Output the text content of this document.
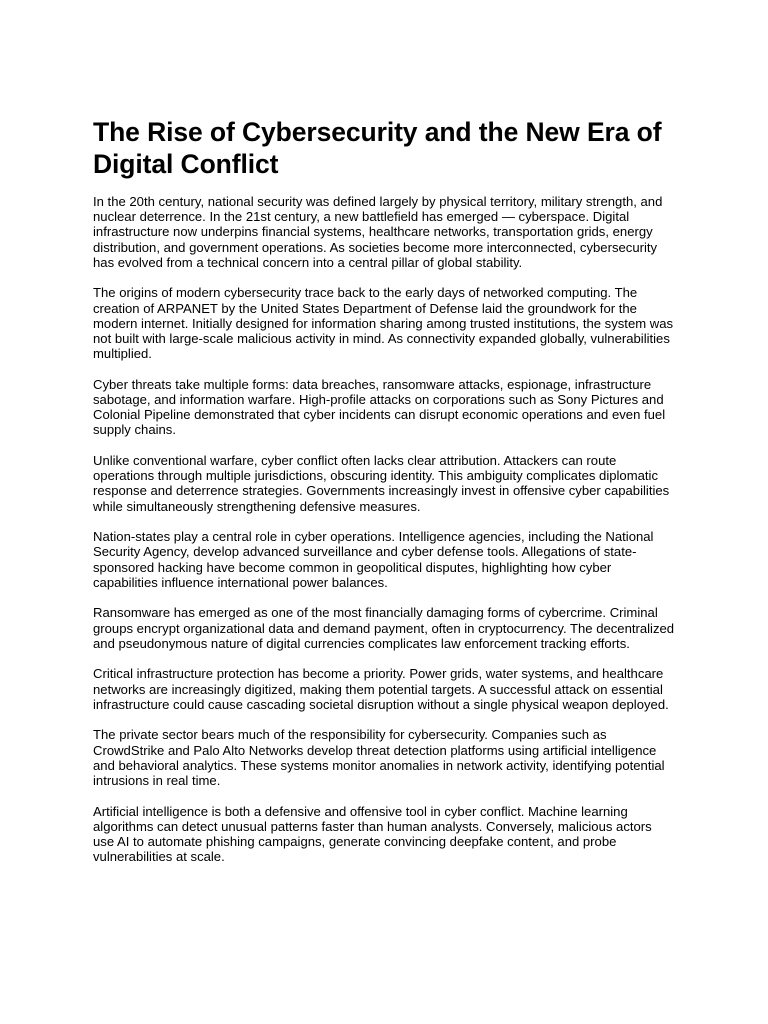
The Rise of Cybersecurity and the New Era of Digital Conflict

In the 20th century, national security was defined largely by physical territory, military strength, and nuclear deterrence. In the 21st century, a new battlefield has emerged — cyberspace. Digital infrastructure now underpins financial systems, healthcare networks, transportation grids, energy distribution, and government operations. As societies become more interconnected, cybersecurity has evolved from a technical concern into a central pillar of global stability.

The origins of modern cybersecurity trace back to the early days of networked computing. The creation of ARPANET by the United States Department of Defense laid the groundwork for the modern internet. Initially designed for information sharing among trusted institutions, the system was not built with large-scale malicious activity in mind. As connectivity expanded globally, vulnerabilities multiplied.

Cyber threats take multiple forms: data breaches, ransomware attacks, espionage, infrastructure sabotage, and information warfare. High-profile attacks on corporations such as Sony Pictures and Colonial Pipeline demonstrated that cyber incidents can disrupt economic operations and even fuel supply chains.

Unlike conventional warfare, cyber conflict often lacks clear attribution. Attackers can route operations through multiple jurisdictions, obscuring identity. This ambiguity complicates diplomatic response and deterrence strategies. Governments increasingly invest in offensive cyber capabilities while simultaneously strengthening defensive measures.

Nation-states play a central role in cyber operations. Intelligence agencies, including the National Security Agency, develop advanced surveillance and cyber defense tools. Allegations of state-sponsored hacking have become common in geopolitical disputes, highlighting how cyber capabilities influence international power balances.

Ransomware has emerged as one of the most financially damaging forms of cybercrime. Criminal groups encrypt organizational data and demand payment, often in cryptocurrency. The decentralized and pseudonymous nature of digital currencies complicates law enforcement tracking efforts.

Critical infrastructure protection has become a priority. Power grids, water systems, and healthcare networks are increasingly digitized, making them potential targets. A successful attack on essential infrastructure could cause cascading societal disruption without a single physical weapon deployed.

The private sector bears much of the responsibility for cybersecurity. Companies such as CrowdStrike and Palo Alto Networks develop threat detection platforms using artificial intelligence and behavioral analytics. These systems monitor anomalies in network activity, identifying potential intrusions in real time.

Artificial intelligence is both a defensive and offensive tool in cyber conflict. Machine learning algorithms can detect unusual patterns faster than human analysts. Conversely, malicious actors use AI to automate phishing campaigns, generate convincing deepfake content, and probe vulnerabilities at scale.
